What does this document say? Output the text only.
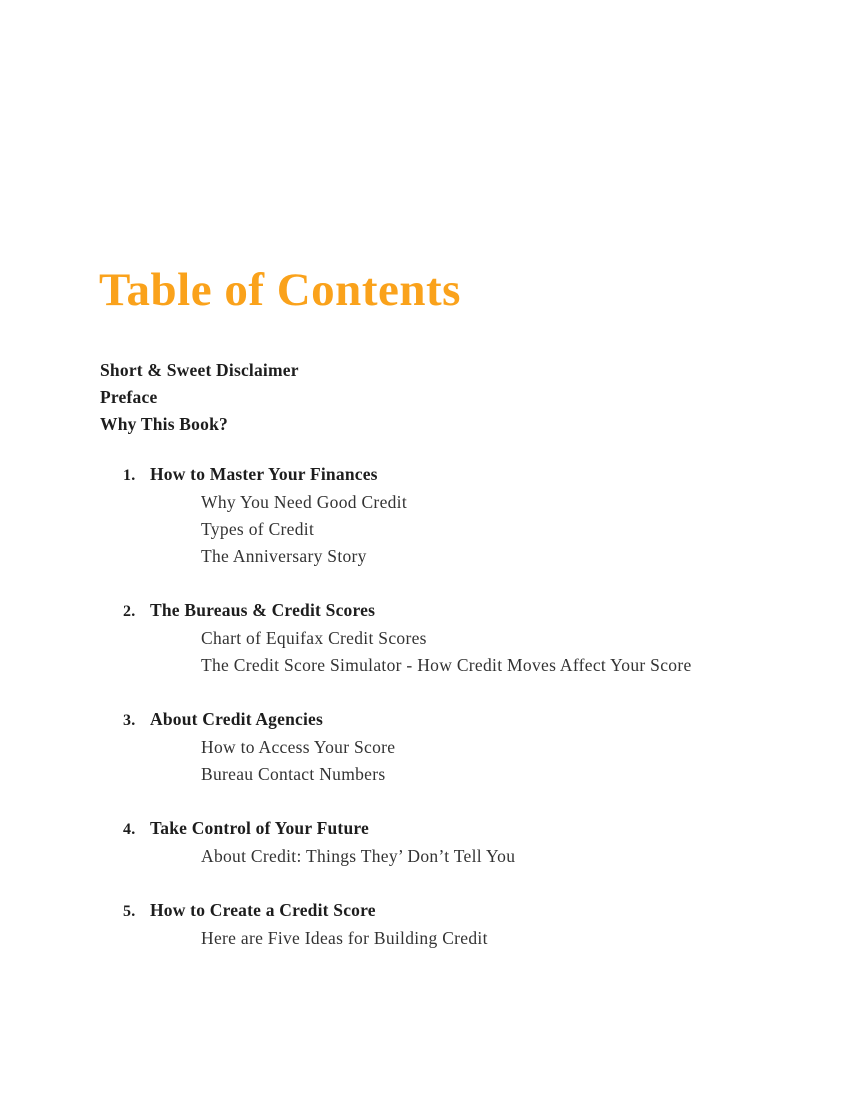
Table of Contents
Short & Sweet Disclaimer
Preface
Why This Book?
1. How to Master Your Finances
Why You Need Good Credit
Types of Credit
The Anniversary Story
2. The Bureaus & Credit Scores
Chart of Equifax Credit Scores
The Credit Score Simulator - How Credit Moves Affect Your Score
3. About Credit Agencies
How to Access Your Score
Bureau Contact Numbers
4. Take Control of Your Future
About Credit: Things They’ Don’t Tell You
5. How to Create a Credit Score
Here are Five Ideas for Building Credit
